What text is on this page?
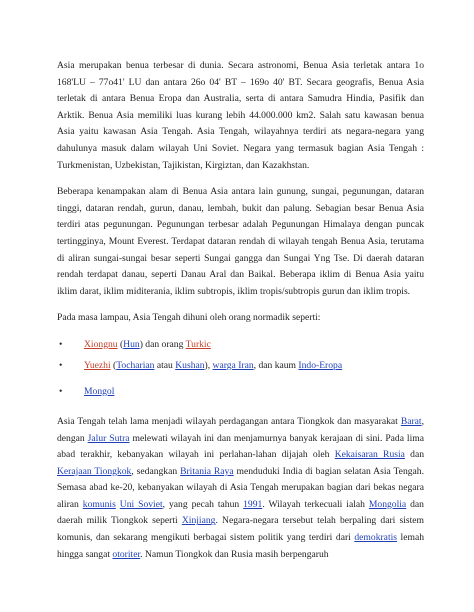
Asia merupakan benua terbesar di dunia. Secara astronomi, Benua Asia terletak antara 1o 168'LU – 77o41' LU dan antara 26o 04' BT – 169o 40' BT. Secara geografis, Benua Asia terletak di antara Benua Eropa dan Australia, serta di antara Samudra Hindia, Pasifik dan Arktik. Benua Asia memiliki luas kurang lebih 44.000.000 km2. Salah satu kawasan benua Asia yaitu kawasan Asia Tengah. Asia Tengah, wilayahnya terdiri ats negara-negara yang dahulunya masuk dalam wilayah Uni Soviet. Negara yang termasuk bagian Asia Tengah : Turkmenistan, Uzbekistan, Tajikistan, Kirgiztan, dan Kazakhstan.

Beberapa kenampakan alam di Benua Asia antara lain gunung, sungai, pegunungan, dataran tinggi, dataran rendah, gurun, danau, lembah, bukit dan palung. Sebagian besar Benua Asia terdiri atas pegunungan. Pegunungan terbesar adalah Pegunungan Himalaya dengan puncak tertingginya, Mount Everest. Terdapat dataran rendah di wilayah tengah Benua Asia, terutama di aliran sungai-sungai besar seperti Sungai gangga dan Sungai Yng Tse. Di daerah dataran rendah terdapat danau, seperti Danau Aral dan Baikal. Beberapa iklim di Benua Asia yaitu iklim darat, iklim miditerania, iklim subtropis, iklim tropis/subtropis gurun dan iklim tropis.

Pada masa lampau, Asia Tengah dihuni oleh orang normadik seperti:

• Xiongnu (Hun) dan orang Turkic
• Yuezhi (Tocharian atau Kushan), warga Iran, dan kaum Indo-Eropa
• Mongol

Asia Tengah telah lama menjadi wilayah perdagangan antara Tiongkok dan masyarakat Barat, dengan Jalur Sutra melewati wilayah ini dan menjamurnya banyak kerajaan di sini. Pada lima abad terakhir, kebanyakan wilayah ini perlahan-lahan dijajah oleh Kekaisaran Rusia dan Kerajaan Tiongkok, sedangkan Britania Raya menduduki India di bagian selatan Asia Tengah. Semasa abad ke-20, kebanyakan wilayah di Asia Tengah merupakan bagian dari bekas negara aliran komunis Uni Soviet, yang pecah tahun 1991. Wilayah terkecuali ialah Mongolia dan daerah milik Tiongkok seperti Xinjiang. Negara-negara tersebut telah berpaling dari sistem komunis, dan sekarang mengikuti berbagai sistem politik yang terdiri dari demokratis lemah hingga sangat otoriter. Namun Tiongkok dan Rusia masih berpengaruh
